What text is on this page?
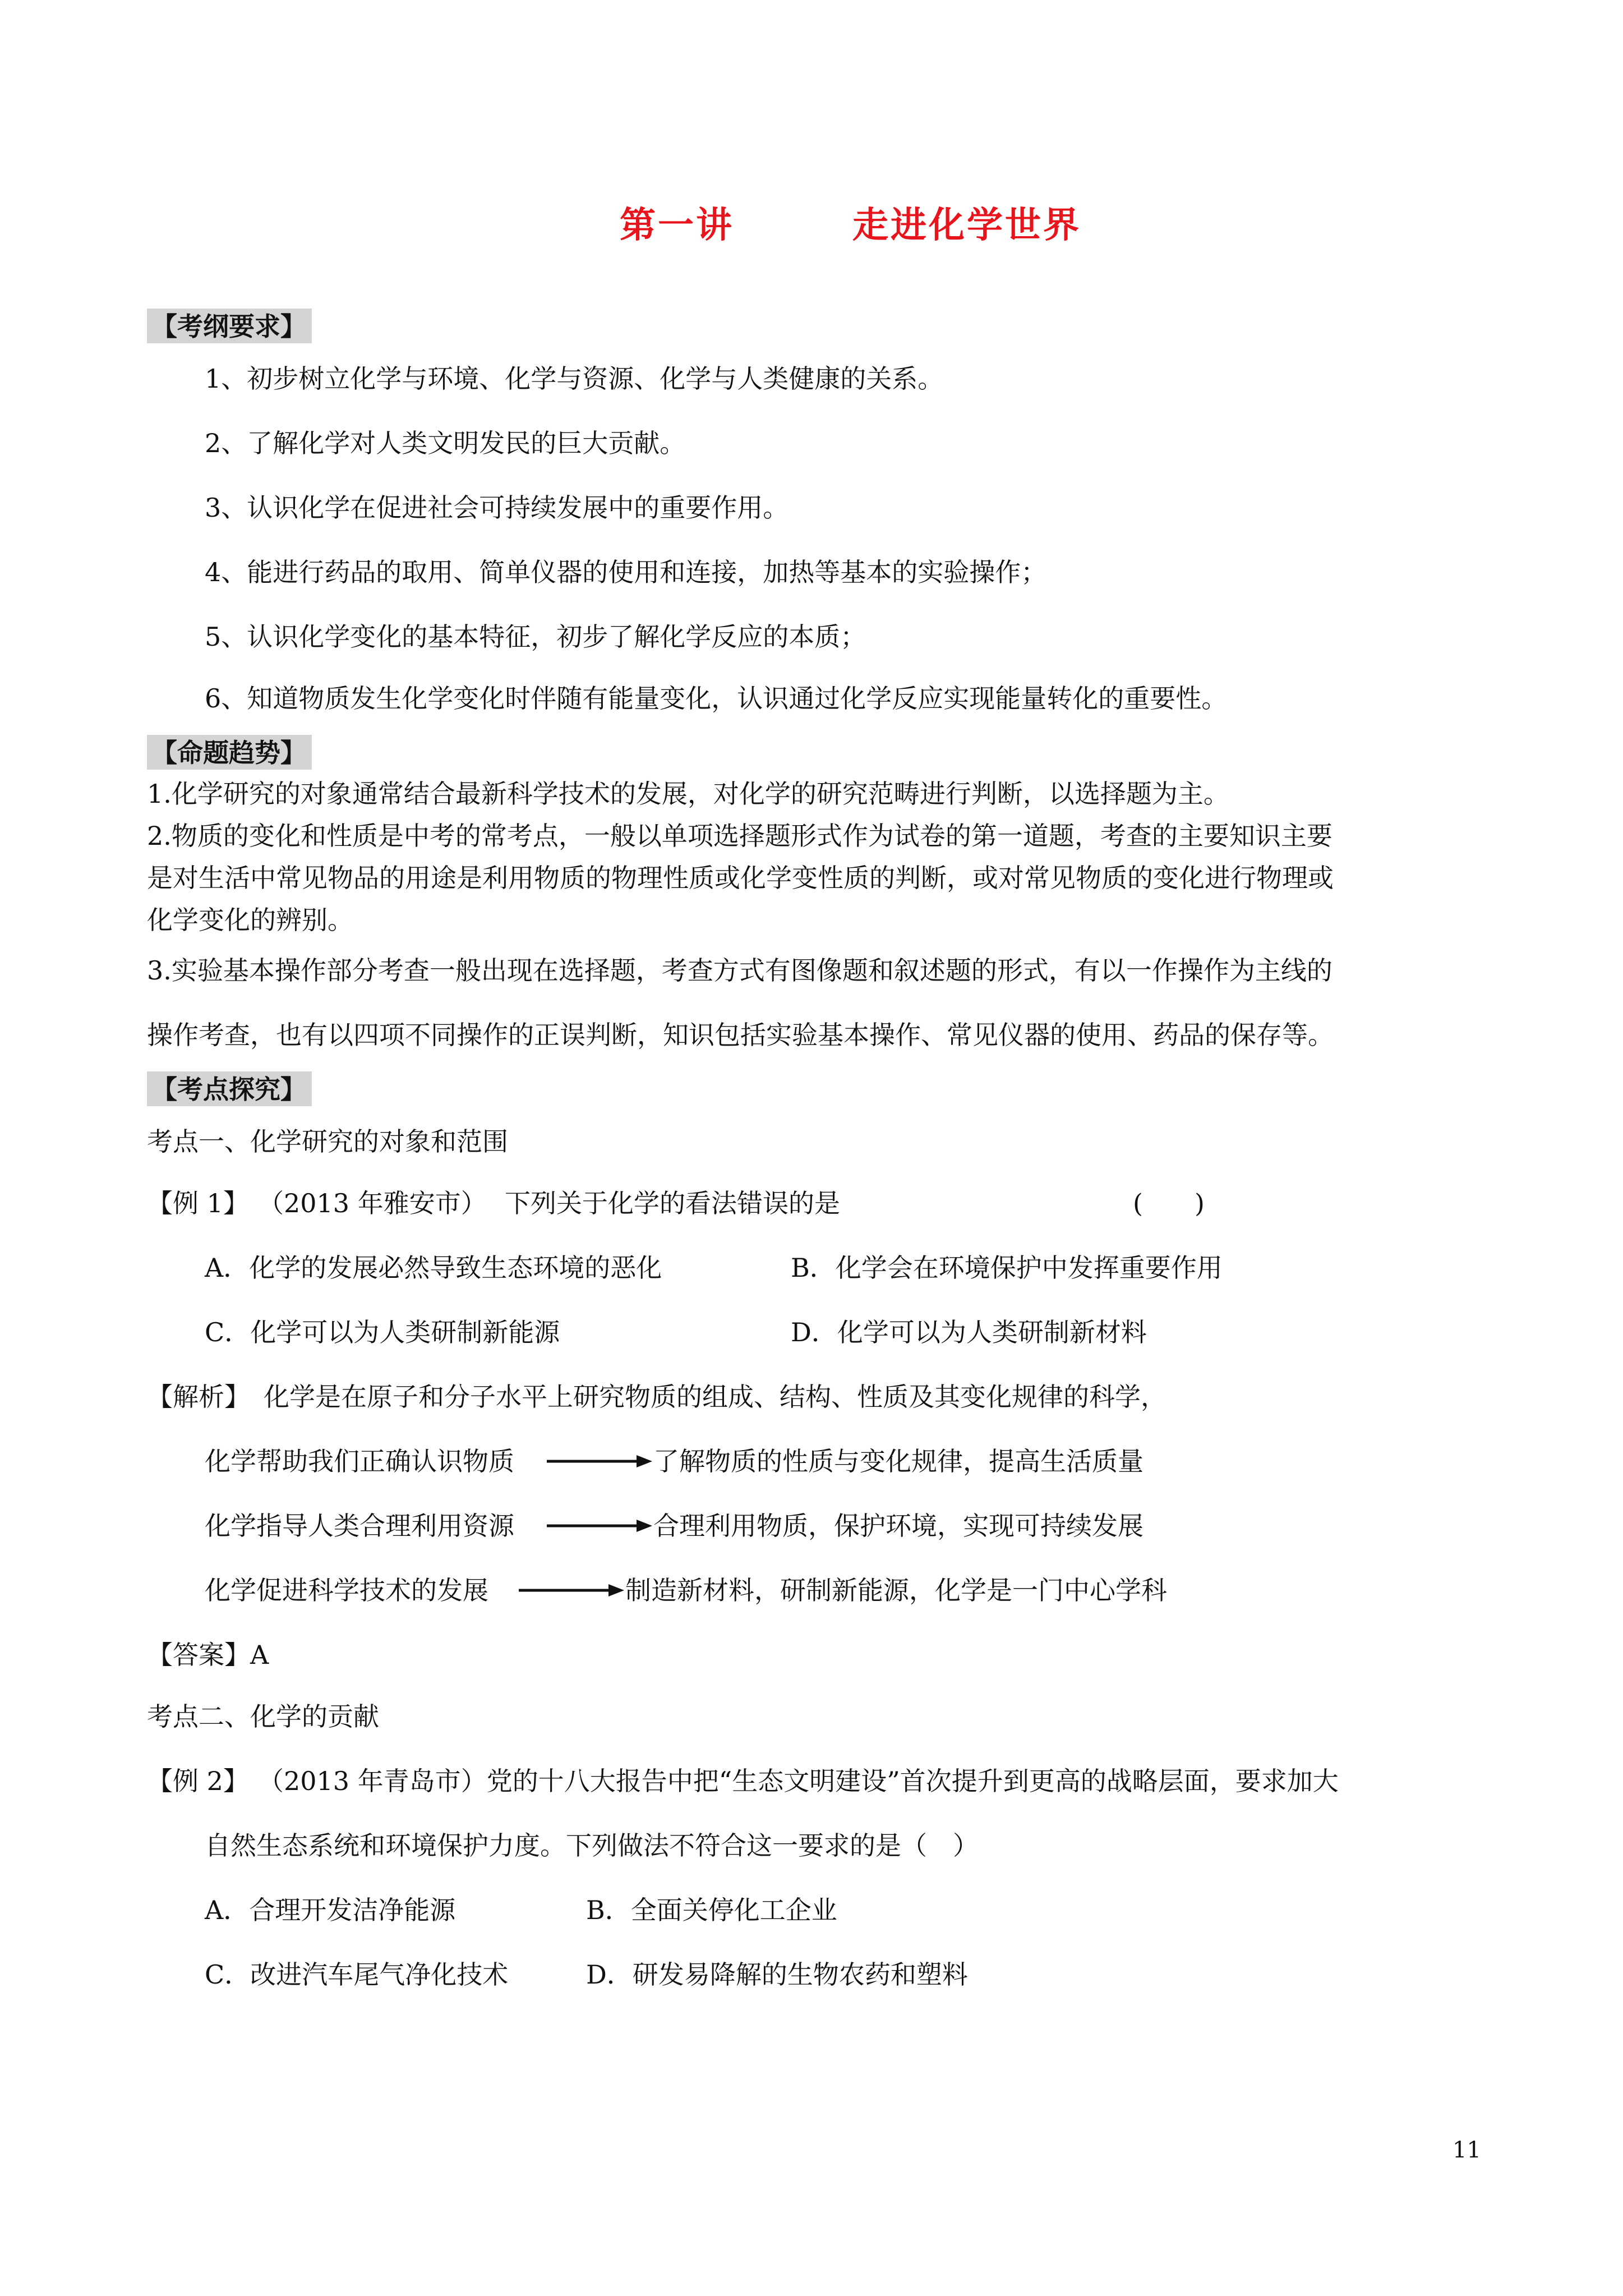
第一讲	走进化学世界
【考纲要求】
1、初步树立化学与环境、化学与资源、化学与人类健康的关系。
2、了解化学对人类文明发民的巨大贡献。
3、认识化学在促进社会可持续发展中的重要作用。
4、能进行药品的取用、简单仪器的使用和连接，加热等基本的实验操作；
5、认识化学变化的基本特征，初步了解化学反应的本质；
6、知道物质发生化学变化时伴随有能量变化，认识通过化学反应实现能量转化的重要性。
【命题趋势】
1.化学研究的对象通常结合最新科学技术的发展，对化学的研究范畴进行判断，以选择题为主。
2.物质的变化和性质是中考的常考点，一般以单项选择题形式作为试卷的第一道题，考查的主要知识主要
是对生活中常见物品的用途是利用物质的物理性质或化学变性质的判断，或对常见物质的变化进行物理或
化学变化的辨别。
3.实验基本操作部分考查一般出现在选择题，考查方式有图像题和叙述题的形式，有以一作操作为主线的
操作考查，也有以四项不同操作的正误判断，知识包括实验基本操作、常见仪器的使用、药品的保存等。
【考点探究】
考点一、化学研究的对象和范围
【例 1】 （2013 年雅安市） 下列关于化学的看法错误的是	(　　)
A．化学的发展必然导致生态环境的恶化	B．化学会在环境保护中发挥重要作用
C．化学可以为人类研制新能源	D．化学可以为人类研制新材料
【解析】 化学是在原子和分子水平上研究物质的组成、结构、性质及其变化规律的科学，
化学帮助我们正确认识物质	了解物质的性质与变化规律，提高生活质量
化学指导人类合理利用资源	合理利用物质，保护环境，实现可持续发展
化学促进科学技术的发展	制造新材料，研制新能源，化学是一门中心学科
【答案】A
考点二、化学的贡献
【例 2】 （2013 年青岛市）党的十八大报告中把“生态文明建设”首次提升到更高的战略层面，要求加大
自然生态系统和环境保护力度。下列做法不符合这一要求的是（　）
A．合理开发洁净能源	B．全面关停化工企业
C．改进汽车尾气净化技术	D．研发易降解的生物农药和塑料
11
